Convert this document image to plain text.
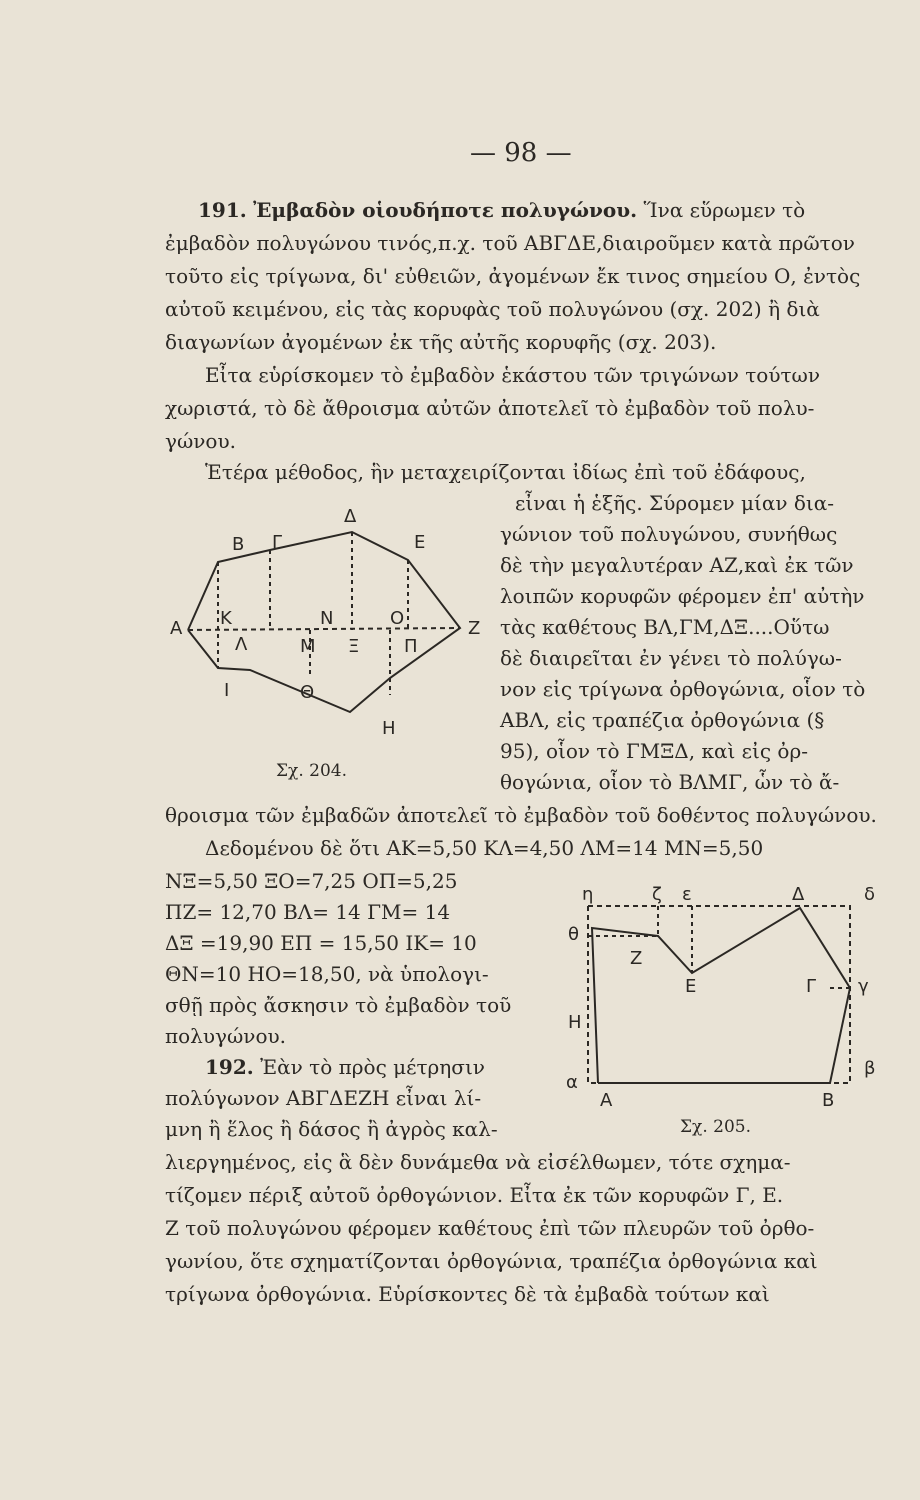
— 98 —

191. Ἐμβαδὸν οἱουδήποτε πολυγώνου. Ἵνα εὕρωμεν τὸ

ἐμβαδὸν πολυγώνου τινός,π.χ. τοῦ ΑΒΓΔΕ,διαιροῦμεν κατὰ πρῶτον

τοῦτο εἰς τρίγωνα, δι' εὐθειῶν, ἀγομένων ἔκ τινος σημείου Ο, ἐντὸς

αὐτοῦ κειμένου, εἰς τὰς κορυφὰς τοῦ πολυγώνου (σχ. 202) ἢ διὰ

διαγωνίων ἀγομένων ἐκ τῆς αὐτῆς κορυφῆς (σχ. 203).

Εἶτα εὑρίσκομεν τὸ ἐμβαδὸν ἑκάστου τῶν τριγώνων τούτων

χωριστά, τὸ δὲ ἄθροισμα αὐτῶν ἀποτελεῖ τὸ ἐμβαδὸν τοῦ πολυ-

γώνου.

Ἑτέρα μέθοδος, ἣν μεταχειρίζονται ἰδίως ἐπὶ τοῦ ἐδάφους,

εἶναι ἡ ἑξῆς. Σύρομεν μίαν δια-

γώνιον τοῦ πολυγώνου, συνήθως

δὲ τὴν μεγαλυτέραν ΑΖ,καὶ ἐκ τῶν

λοιπῶν κορυφῶν φέρομεν ἐπ' αὐτὴν

τὰς καθέτους ΒΛ,ΓΜ,ΔΞ....Οὕτω

δὲ διαιρεῖται ἐν γένει τὸ πολύγω-

νον εἰς τρίγωνα ὀρθογώνια, οἷον τὸ

ΑΒΛ, εἰς τραπέζια ὀρθογώνια (§

95), οἷον τὸ ΓΜΞΔ, καὶ εἰς ὀρ-

θογώνια, οἷον τὸ ΒΛΜΓ, ὧν τὸ ἄ-

θροισμα τῶν ἐμβαδῶν ἀποτελεῖ τὸ ἐμβαδὸν τοῦ δοθέντος πολυγώνου.

Δεδομένου δὲ ὅτι ΑΚ=5,50 ΚΛ=4,50 ΛΜ=14 ΜΝ=5,50

ΝΞ=5,50 ΞΟ=7,25 ΟΠ=5,25

ΠΖ= 12,70 ΒΛ= 14 ΓΜ= 14

ΔΞ =19,90 ΕΠ = 15,50 ΙΚ= 10

ΘΝ=10 ΗΟ=18,50, νὰ ὑπολογι-

σθῇ πρὸς ἄσκησιν τὸ ἐμβαδὸν τοῦ

πολυγώνου.

192. Ἐὰν τὸ πρὸς μέτρησιν

πολύγωνον ΑΒΓΔΕΖΗ εἶναι λί-

μνη ἢ ἕλος ἢ δάσος ἢ ἀγρὸς καλ-

λιεργημένος, εἰς ἃ δὲν δυνάμεθα νὰ εἰσέλθωμεν, τότε σχημα-

τίζομεν πέριξ αὐτοῦ ὀρθογώνιον. Εἶτα ἐκ τῶν κορυφῶν Γ, Ε.

Ζ τοῦ πολυγώνου φέρομεν καθέτους ἐπὶ τῶν πλευρῶν τοῦ ὀρθο-

γωνίου, ὅτε σχηματίζονται ὀρθογώνια, τραπέζια ὀρθογώνια καὶ

τρίγωνα ὀρθογώνια. Εὑρίσκοντες δὲ τὰ ἐμβαδὰ τούτων καὶ

Β Γ
Δ
Ε
Α Κ
Λ	Μ
Ν
Ξ
Ο
Π
Ζ
Ι	Θ
Η
Σχ. 204.
η	ζ ε	Δ	δ
θ
Z
E	Γ γ
Η
α
Α	Β
β
Σχ. 205.
